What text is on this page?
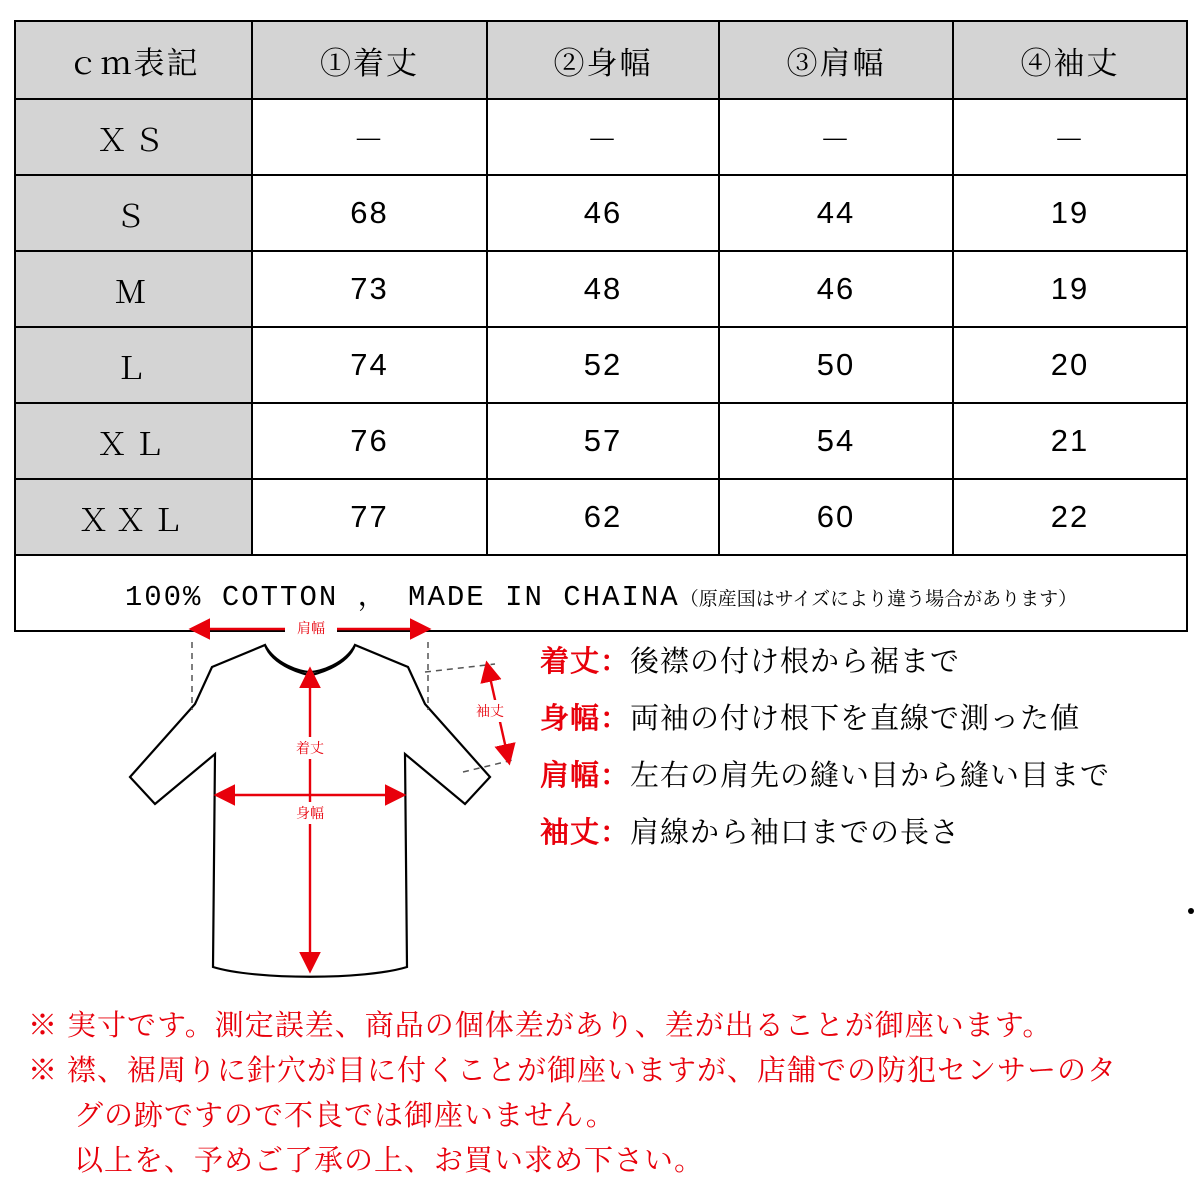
ｃｍ表記	①着丈	②身幅	③肩幅	④袖丈
ＸＳ	－	－	－	－
Ｓ	68	46	44	19
Ｍ	73	48	46	19
Ｌ	74	52	50	20
ＸＬ	76	57	54	21
ＸＸＬ	77	62	60	22
100% COTTON ， MADE IN CHAINA（原産国はサイズにより違う場合があります）				
肩幅
袖丈
着丈
身幅
着丈：後襟の付け根から裾まで
身幅：両袖の付け根下を直線で測った値
肩幅：左右の肩先の縫い目から縫い目まで
袖丈：肩線から袖口までの長さ

※ 実寸です。測定誤差、商品の個体差があり、差が出ることが御座います。

※ 襟、裾周りに針穴が目に付くことが御座いますが、店舗での防犯センサーのタ

グの跡ですので不良では御座いません。

以上を、予めご了承の上、お買い求め下さい。
